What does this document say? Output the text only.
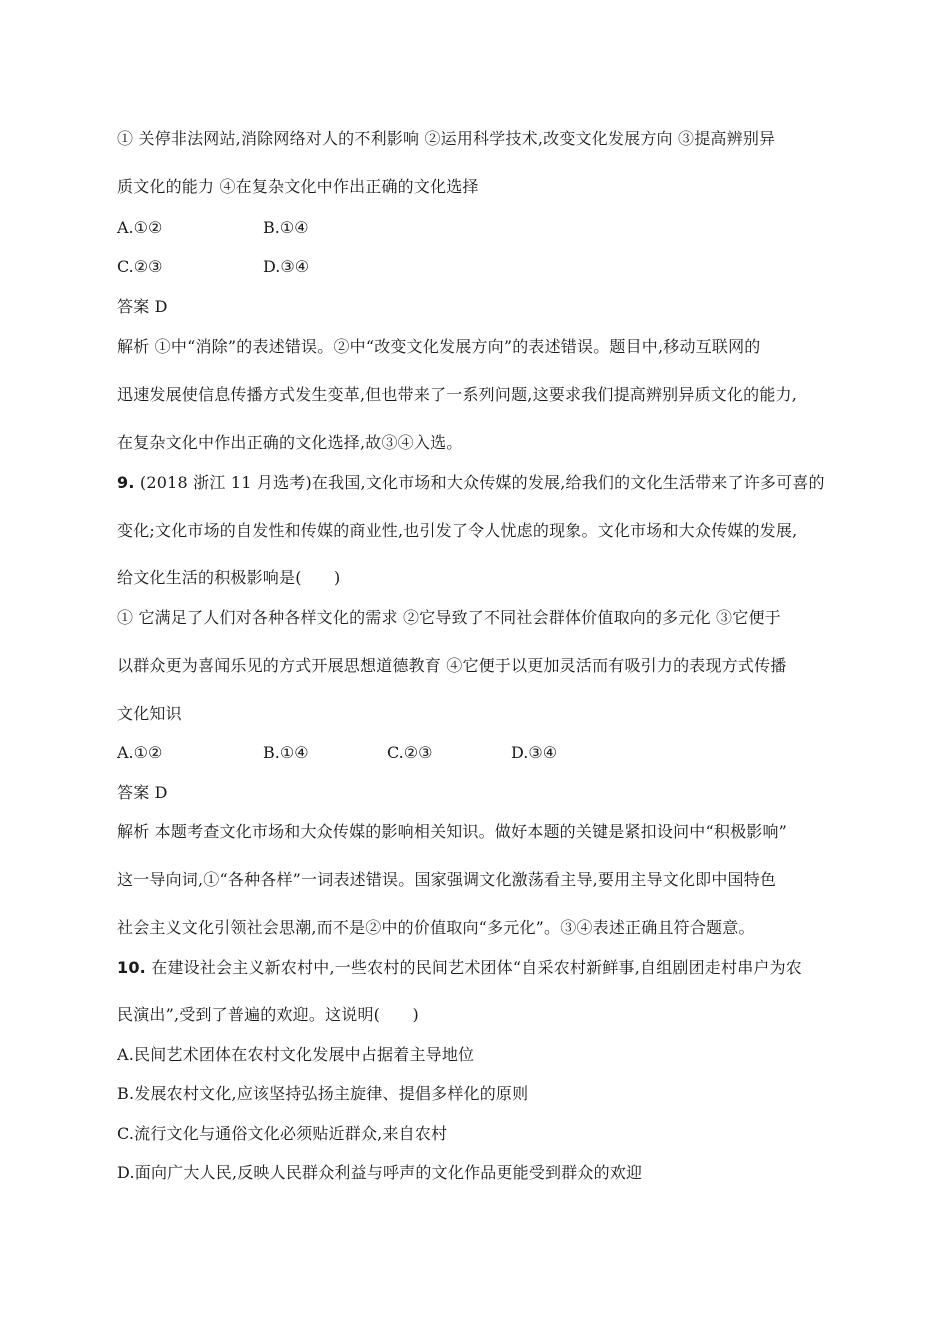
① 关停非法网站,消除网络对人的不利影响 ②运用科学技术,改变文化发展方向 ③提高辨别异
质文化的能力 ④在复杂文化中作出正确的文化选择
A.①②	B.①④
C.②③	D.③④
答案 D
解析 ①中“消除”的表述错误。②中“改变文化发展方向”的表述错误。题目中,移动互联网的
迅速发展使信息传播方式发生变革,但也带来了一系列问题,这要求我们提高辨别异质文化的能力,
在复杂文化中作出正确的文化选择,故③④入选。
9. (2018 浙江 11 月选考)在我国,文化市场和大众传媒的发展,给我们的文化生活带来了许多可喜的
变化;文化市场的自发性和传媒的商业性,也引发了令人忧虑的现象。文化市场和大众传媒的发展,
给文化生活的积极影响是(　　)
① 它满足了人们对各种各样文化的需求 ②它导致了不同社会群体价值取向的多元化 ③它便于
以群众更为喜闻乐见的方式开展思想道德教育 ④它便于以更加灵活而有吸引力的表现方式传播
文化知识
A.①②	B.①④	C.②③	D.③④
答案 D
解析 本题考查文化市场和大众传媒的影响相关知识。做好本题的关键是紧扣设问中“积极影响”
这一导向词,①“各种各样”一词表述错误。国家强调文化激荡看主导,要用主导文化即中国特色
社会主义文化引领社会思潮,而不是②中的价值取向“多元化”。③④表述正确且符合题意。
10. 在建设社会主义新农村中,一些农村的民间艺术团体“自采农村新鲜事,自组剧团走村串户为农
民演出”,受到了普遍的欢迎。这说明(　　)
A.民间艺术团体在农村文化发展中占据着主导地位
B.发展农村文化,应该坚持弘扬主旋律、提倡多样化的原则
C.流行文化与通俗文化必须贴近群众,来自农村
D.面向广大人民,反映人民群众利益与呼声的文化作品更能受到群众的欢迎
